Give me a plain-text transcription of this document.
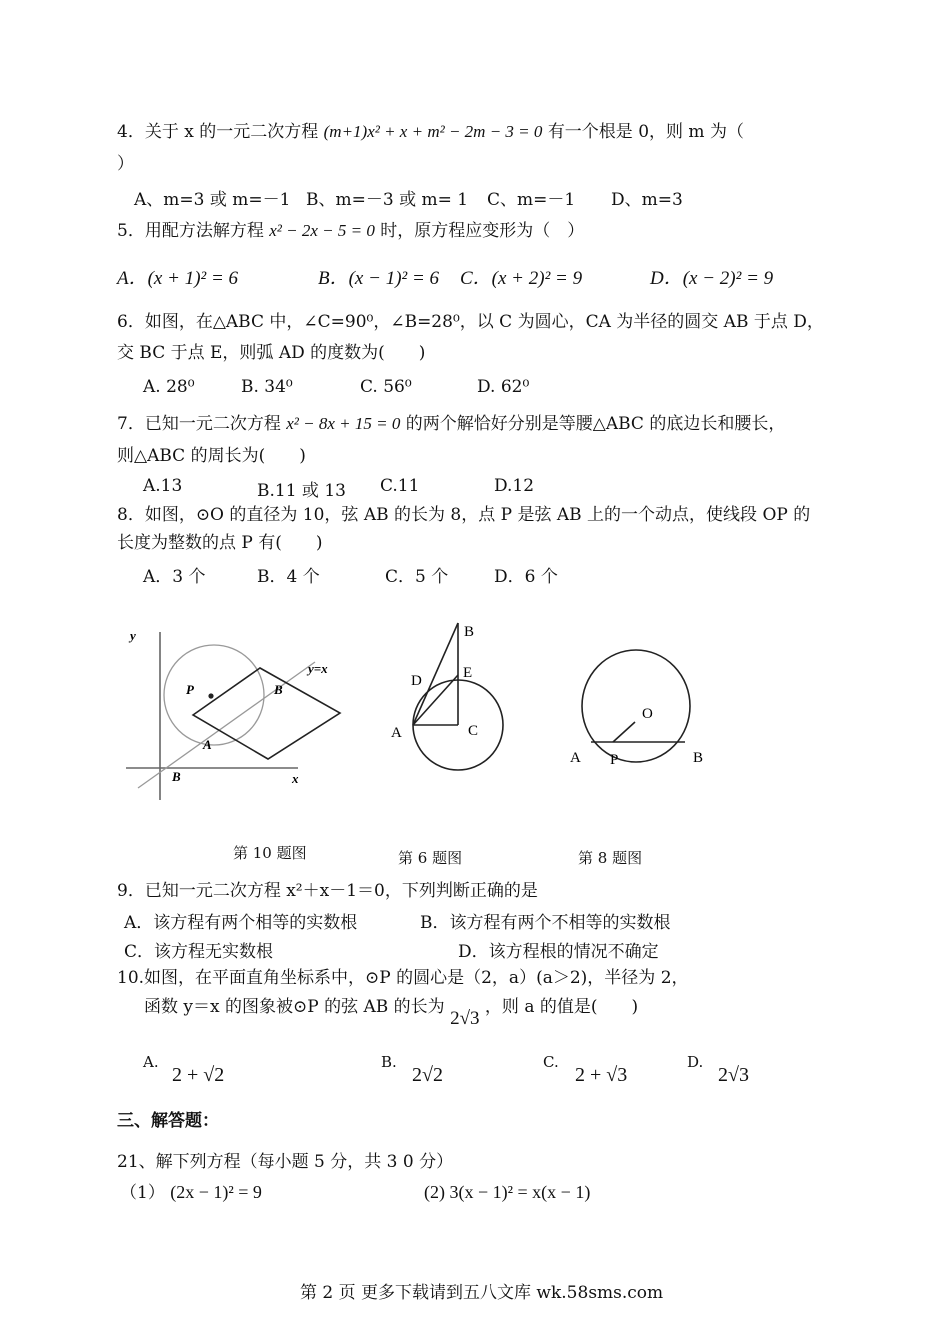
4．关于 x 的一元二次方程 (m+1)x² + x + m² − 2m − 3 = 0 有一个根是 0，则 m 为（
）
A、m=3 或 m=－1 B、m=－3 或 m= 1 C、m=－1 D、m=3
5．用配方法解方程 x² − 2x − 5 = 0 时，原方程应变形为（　）
A．(x + 1)² = 6	B．(x − 1)² = 6 C．(x + 2)² = 9	D．(x − 2)² = 9
6．如图，在△ABC 中，∠C=90⁰，∠B=28⁰，以 C 为圆心，CA 为半径的圆交 AB 于点 D，
交 BC 于点 E，则弧 AD 的度数为(　　)
A. 28⁰	B. 34⁰	C. 56⁰	D. 62⁰
7．已知一元二次方程 x² − 8x + 15 = 0 的两个解恰好分别是等腰△ABC 的底边长和腰长，
则△ABC 的周长为(　　)
A.13	B.11 或 13 C.11	D.12
8．如图，⊙O 的直径为 10，弦 AB 的长为 8，点 P 是弦 AB 上的一个动点，使线段 OP 的
长度为整数的点 P 有(　　)
A．3 个	B．4 个	C．5 个	D．6 个
y
x
P	B
A
B
y=x
B
E
D
A	C
O
A P	B
第 10 题图	第 6 题图	第 8 题图
9．已知一元二次方程 x²＋x－1＝0，下列判断正确的是
A．该方程有两个相等的实数根	B．该方程有两个不相等的实数根
C．该方程无实数根	D．该方程根的情况不确定
10.如图，在平面直角坐标系中，⊙P 的圆心是（2，a）(a＞2)，半径为 2，
函数 y＝x 的图象被⊙P 的弦 AB 的长为 2√3 ，则 a 的值是(　　)
A.
2 + √2
B.
2√2
C.
2 + √3
D.
2√3
三、解答题：
21、解下列方程（每小题 5 分，共 3 0 分）
（1） (2x − 1)² = 9	(2) 3(x − 1)² = x(x − 1)
第 2 页 更多下载请到五八文库 wk.58sms.com
